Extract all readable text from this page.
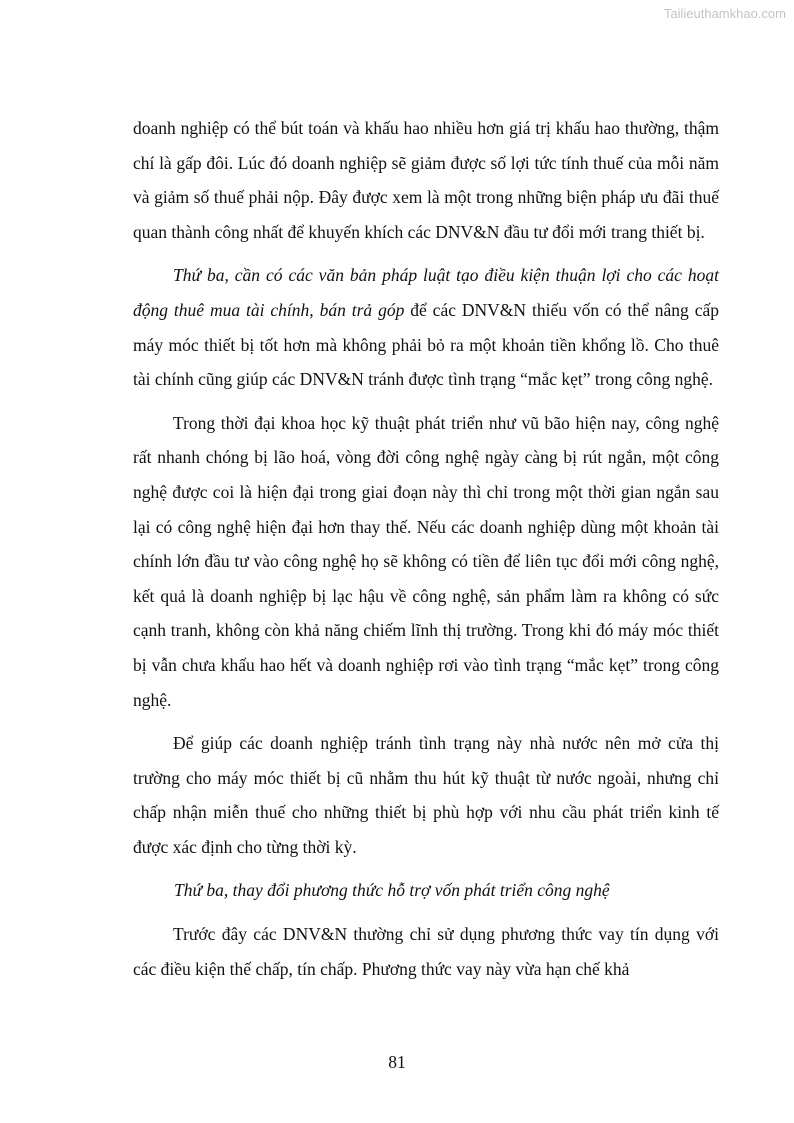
Tailieuthamkhao.com

doanh nghiệp có thể bút toán và khấu hao nhiều hơn giá trị khấu hao thường, thậm chí là gấp đôi. Lúc đó doanh nghiệp sẽ giảm được số lợi tức tính thuế của mỗi năm và giảm số thuế phải nộp. Đây được xem là một trong những biện pháp ưu đãi thuế quan thành công nhất để khuyến khích các DNV&N đầu tư đổi mới trang thiết bị.

Thứ ba, cần có các văn bản pháp luật tạo điều kiện thuận lợi cho các hoạt động thuê mua tài chính, bán trả góp để các DNV&N thiếu vốn có thể nâng cấp máy móc thiết bị tốt hơn mà không phải bỏ ra một khoản tiền khổng lồ. Cho thuê tài chính cũng giúp các DNV&N tránh được tình trạng “mắc kẹt” trong công nghệ.

Trong thời đại khoa học kỹ thuật phát triển như vũ bão hiện nay, công nghệ rất nhanh chóng bị lão hoá, vòng đời công nghệ ngày càng bị rút ngắn, một công nghệ được coi là hiện đại trong giai đoạn này thì chỉ trong một thời gian ngắn sau lại có công nghệ hiện đại hơn thay thế. Nếu các doanh nghiệp dùng một khoản tài chính lớn đầu tư vào công nghệ họ sẽ không có tiền để liên tục đổi mới công nghệ, kết quả là doanh nghiệp bị lạc hậu về công nghệ, sản phẩm làm ra không có sức cạnh tranh, không còn khả năng chiếm lĩnh thị trường. Trong khi đó máy móc thiết bị vẫn chưa khấu hao hết và doanh nghiệp rơi vào tình trạng “mắc kẹt” trong công nghệ.

Để giúp các doanh nghiệp tránh tình trạng này nhà nước nên mở cửa thị trường cho máy móc thiết bị cũ nhằm thu hút kỹ thuật từ nước ngoài, nhưng chỉ chấp nhận miễn thuế cho những thiết bị phù hợp với nhu cầu phát triển kinh tế được xác định cho từng thời kỳ.

Thứ ba, thay đổi phương thức hỗ trợ vốn phát triển công nghệ

Trước đây các DNV&N thường chỉ sử dụng phương thức vay tín dụng với các điều kiện thế chấp, tín chấp. Phương thức vay này vừa hạn chế khả

81
